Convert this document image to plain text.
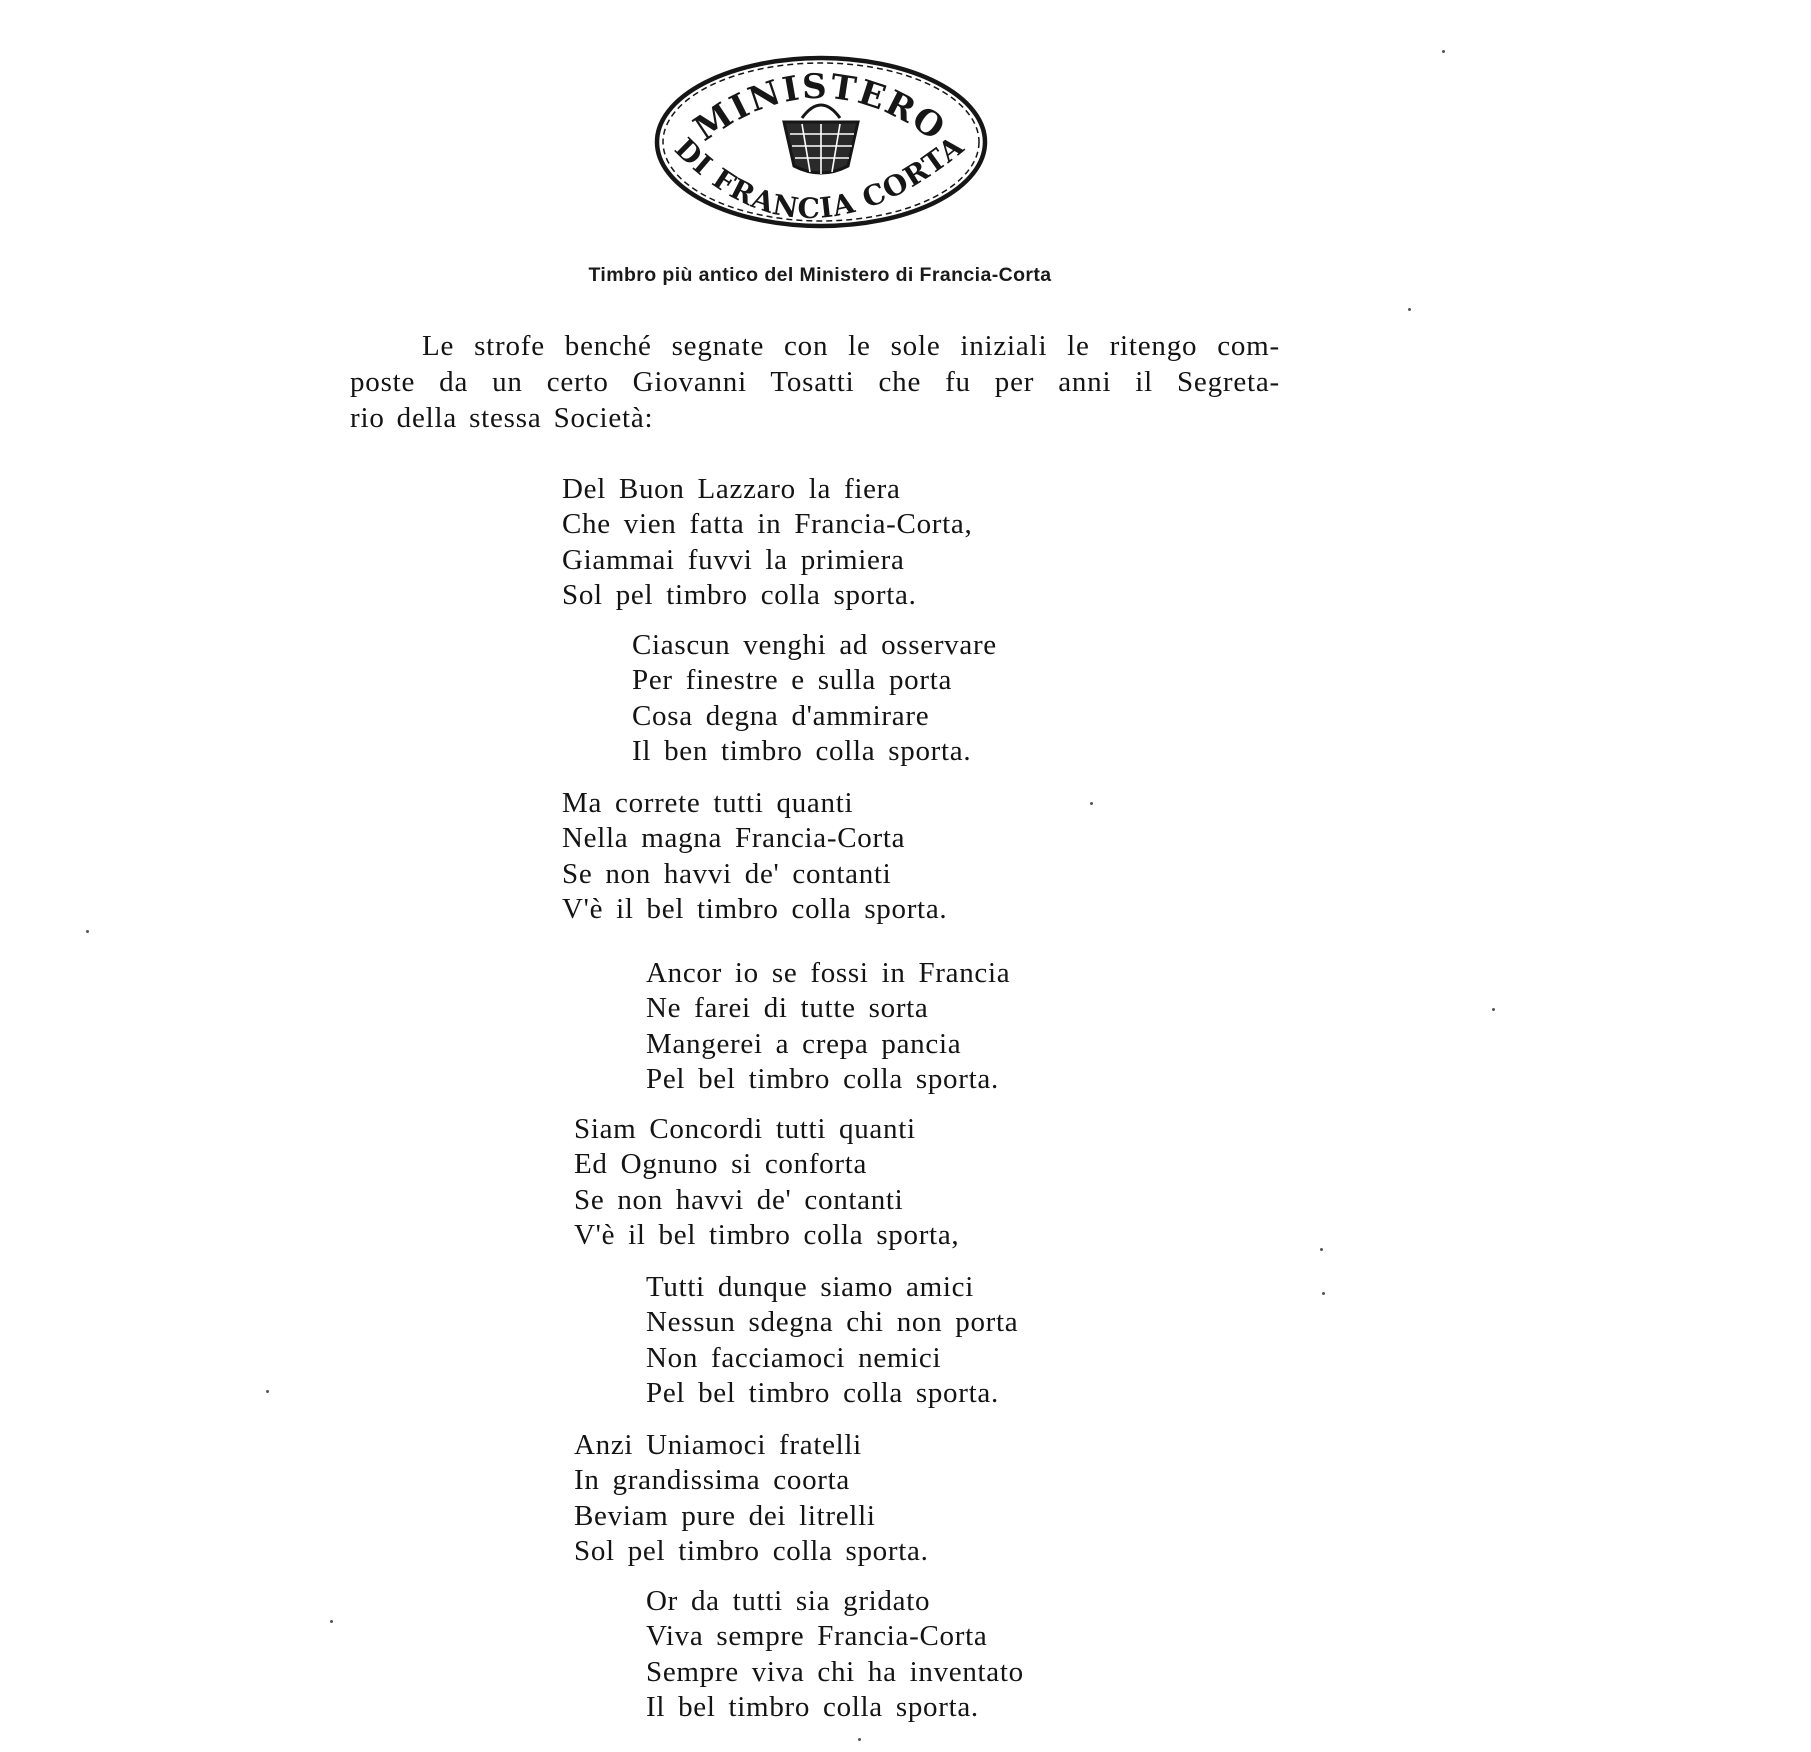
MINISTERO
DI FRANCIA CORTA
Timbro più antico del Ministero di Francia-Corta
Le strofe benché segnate con le sole iniziali le ritengo com-
poste da un certo Giovanni Tosatti che fu per anni il Segreta-
rio della stessa Società:
Del Buon Lazzaro la fiera
Che vien fatta in Francia-Corta,
Giammai fuvvi la primiera
Sol pel timbro colla sporta.
Ciascun venghi ad osservare
Per finestre e sulla porta
Cosa degna d'ammirare
Il ben timbro colla sporta.
Ma correte tutti quanti
Nella magna Francia-Corta
Se non havvi de' contanti
V'è il bel timbro colla sporta.
Ancor io se fossi in Francia
Ne farei di tutte sorta
Mangerei a crepa pancia
Pel bel timbro colla sporta.
Siam Concordi tutti quanti
Ed Ognuno si conforta
Se non havvi de' contanti
V'è il bel timbro colla sporta,
Tutti dunque siamo amici
Nessun sdegna chi non porta
Non facciamoci nemici
Pel bel timbro colla sporta.
Anzi Uniamoci fratelli
In grandissima coorta
Beviam pure dei litrelli
Sol pel timbro colla sporta.
Or da tutti sia gridato
Viva sempre Francia-Corta
Sempre viva chi ha inventato
Il bel timbro colla sporta.
